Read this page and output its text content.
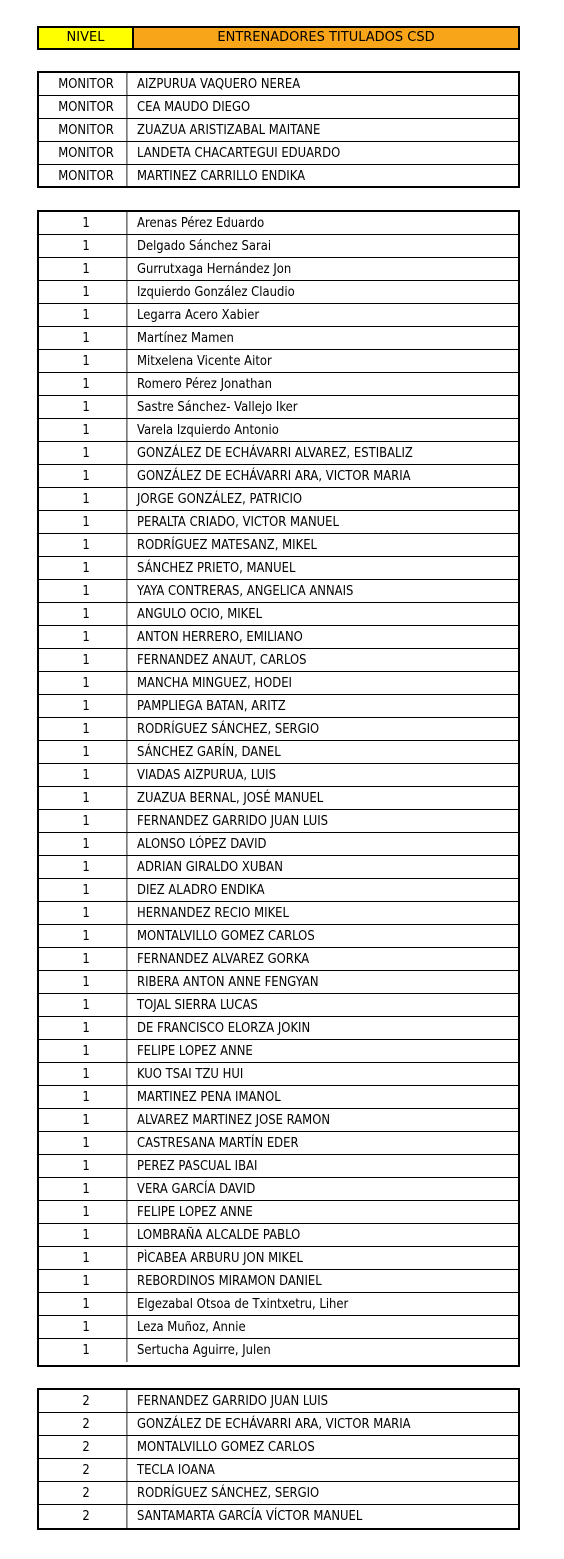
NIVEL	ENTRENADORES TITULADOS CSD
MONITOR	AIZPURUA VAQUERO NEREA
MONITOR	CEA MAUDO DIEGO
MONITOR	ZUAZUA ARISTIZABAL MAITANE
MONITOR	LANDETA CHACARTEGUI EDUARDO
MONITOR	MARTINEZ CARRILLO ENDIKA
1	Arenas Pérez Eduardo
1	Delgado Sánchez Sarai
1	Gurrutxaga Hernández Jon
1	Izquierdo González Claudio
1	Legarra Acero Xabier
1	Martínez Mamen
1	Mitxelena Vicente Aitor
1	Romero Pérez Jonathan
1	Sastre Sánchez- Vallejo Iker
1	Varela Izquierdo Antonio
1	GONZÁLEZ DE ECHÁVARRI ALVAREZ, ESTIBALIZ
1	GONZÁLEZ DE ECHÁVARRI ARA, VICTOR MARIA
1	JORGE GONZÁLEZ, PATRICIO
1	PERALTA CRIADO, VICTOR MANUEL
1	RODRÍGUEZ MATESANZ, MIKEL
1	SÁNCHEZ PRIETO, MANUEL
1	YAYA CONTRERAS, ANGELICA ANNAIS
1	ANGULO OCIO, MIKEL
1	ANTON HERRERO, EMILIANO
1	FERNANDEZ ANAUT, CARLOS
1	MANCHA MINGUEZ, HODEI
1	PAMPLIEGA BATAN, ARITZ
1	RODRÍGUEZ SÁNCHEZ, SERGIO
1	SÁNCHEZ GARÍN, DANEL
1	VIADAS AIZPURUA, LUIS
1	ZUAZUA BERNAL, JOSÉ MANUEL
1	FERNANDEZ GARRIDO JUAN LUIS
1	ALONSO LÓPEZ DAVID
1	ADRIAN GIRALDO XUBAN
1	DIEZ ALADRO ENDIKA
1	HERNANDEZ RECIO MIKEL
1	MONTALVILLO GOMEZ CARLOS
1	FERNANDEZ ALVAREZ GORKA
1	RIBERA ANTON ANNE FENGYAN
1	TOJAL SIERRA LUCAS
1	DE FRANCISCO ELORZA JOKIN
1	FELIPE LOPEZ ANNE
1	KUO TSAI TZU HUI
1	MARTINEZ PENA IMANOL
1	ALVAREZ MARTINEZ JOSE RAMON
1	CASTRESANA MARTÍN EDER
1	PEREZ PASCUAL IBAI
1	VERA GARCÍA DAVID
1	FELIPE LOPEZ ANNE
1	LOMBRAÑA ALCALDE PABLO
1	PÌCABEA ARBURU JON MIKEL
1	REBORDINOS MIRAMON DANIEL
1	Elgezabal Otsoa de Txintxetru, Liher
1	Leza Muñoz, Annie
1	Sertucha Aguirre, Julen
2	FERNANDEZ GARRIDO JUAN LUIS
2	GONZÁLEZ DE ECHÁVARRI ARA, VICTOR MARIA
2	MONTALVILLO GOMEZ CARLOS
2	TECLA IOANA
2	RODRÍGUEZ SÁNCHEZ, SERGIO
2	SANTAMARTA GARCÍA VÍCTOR MANUEL
